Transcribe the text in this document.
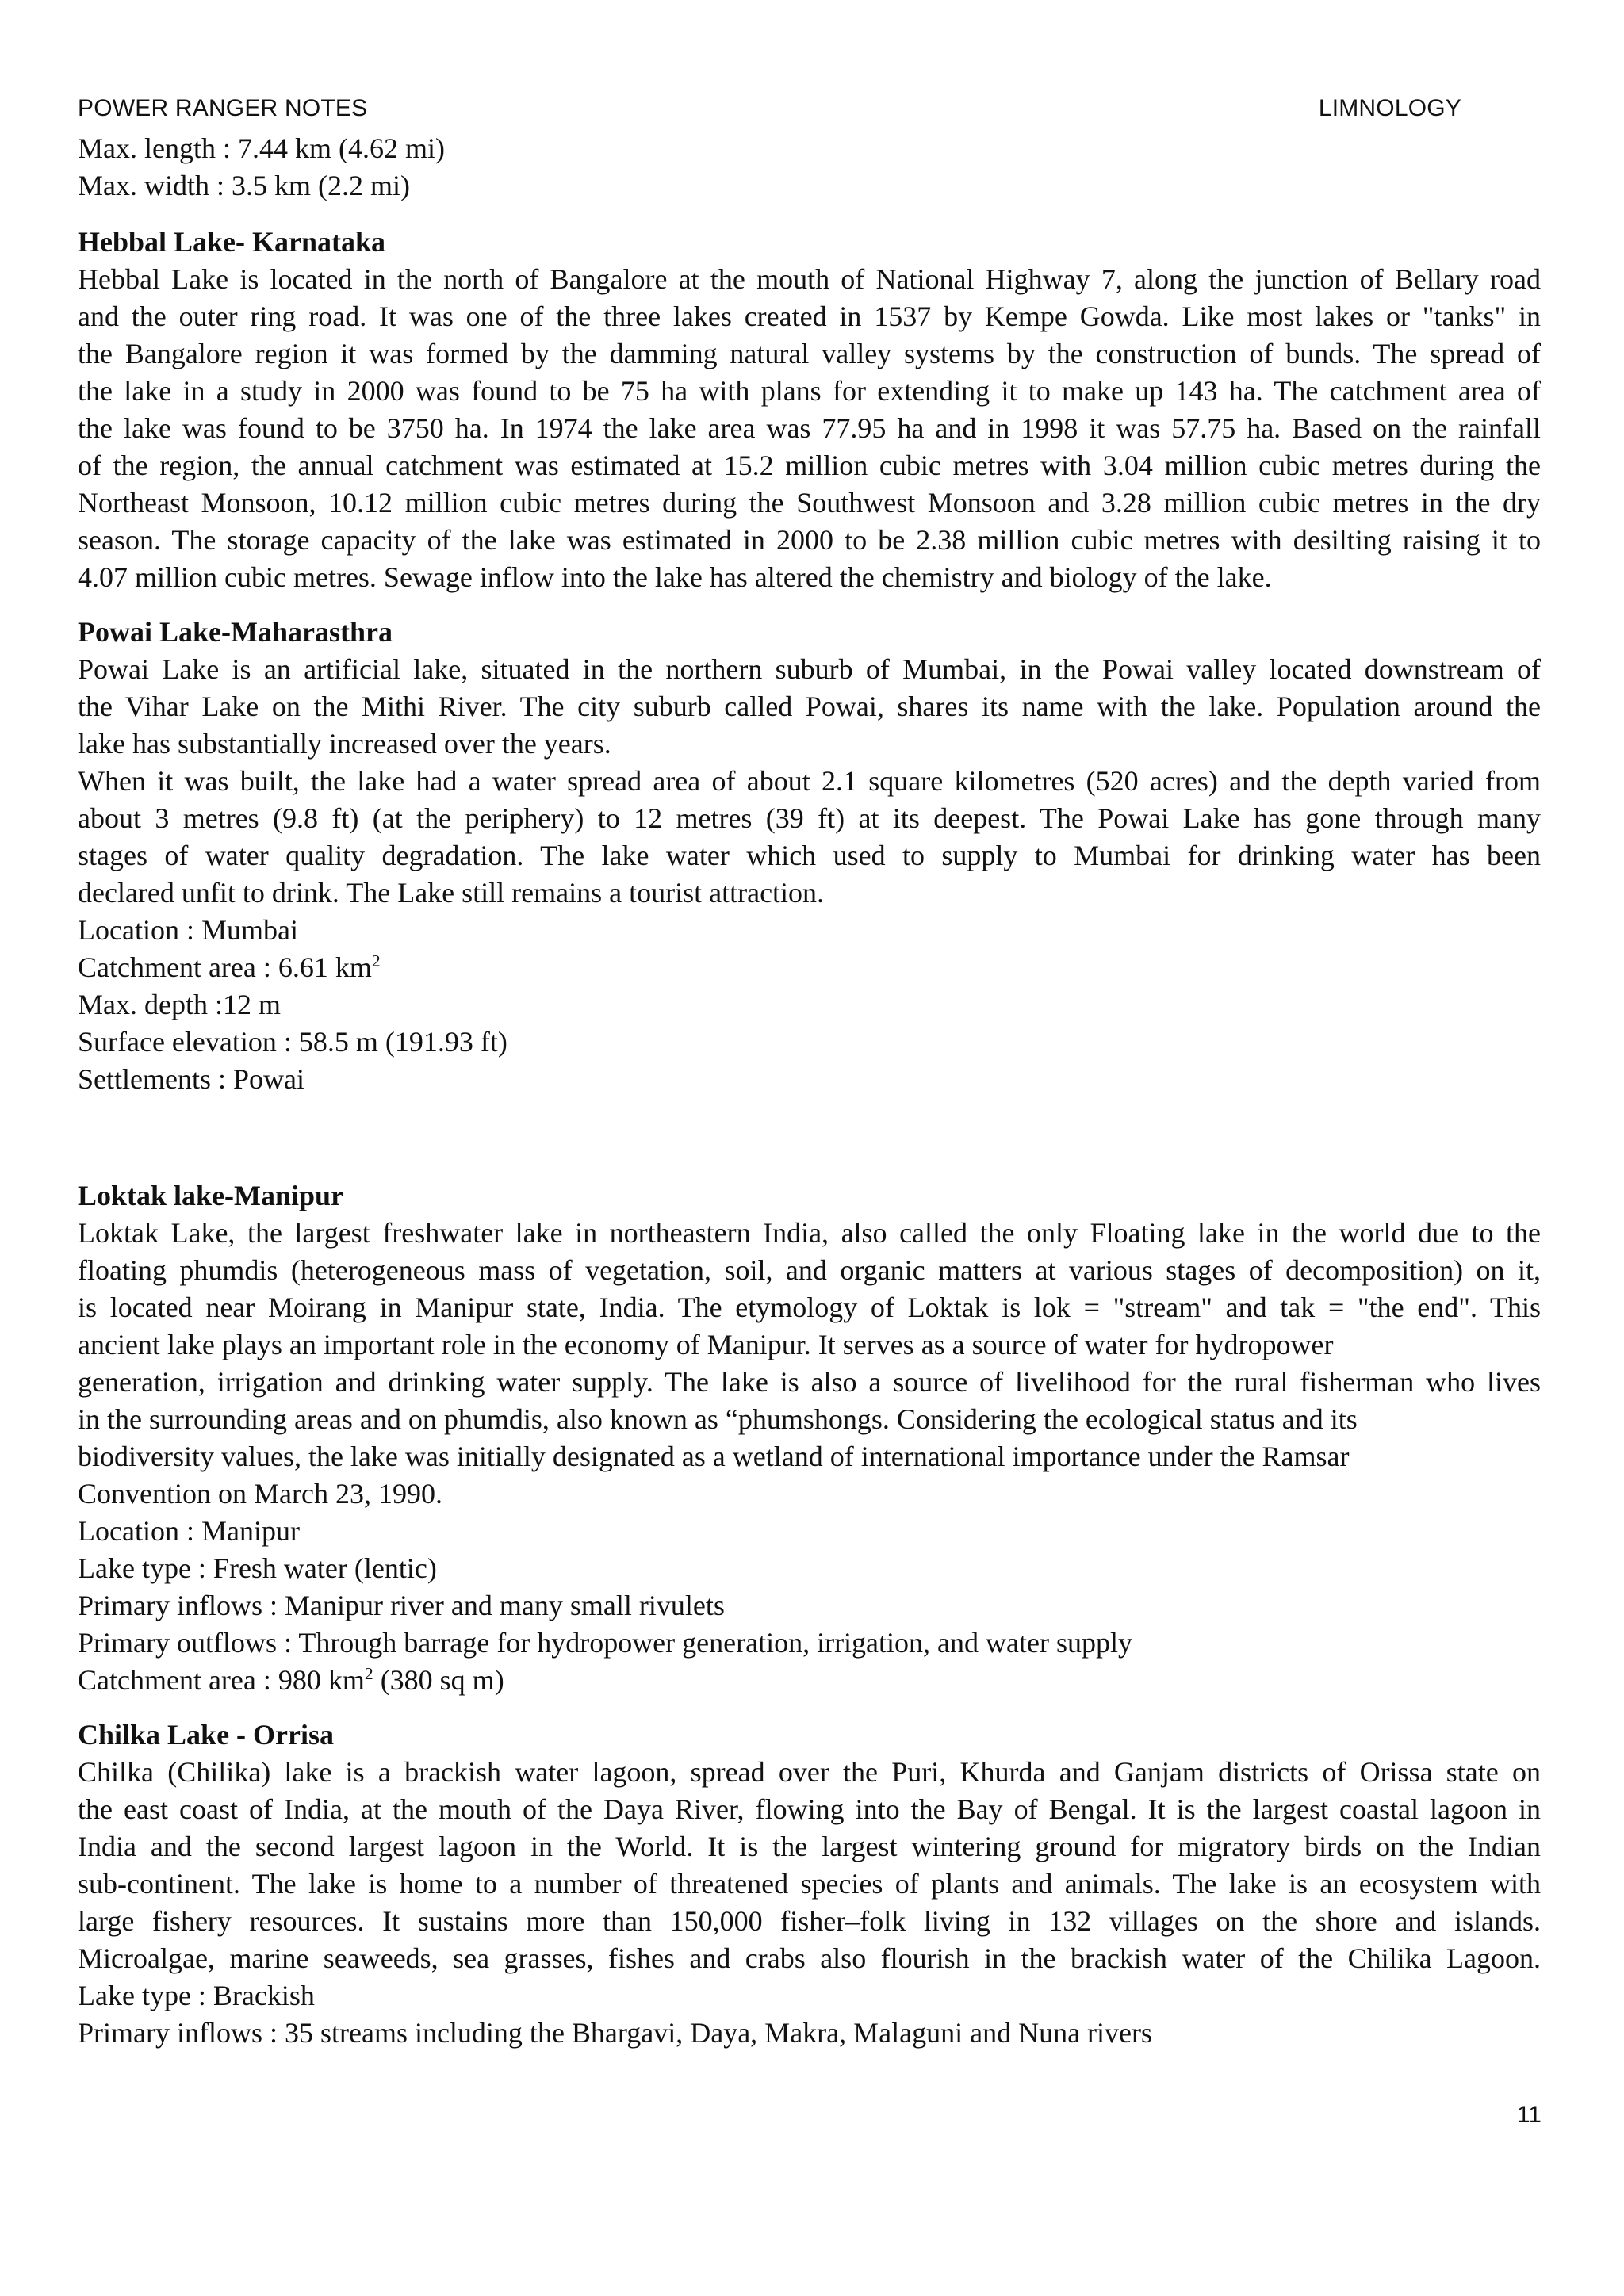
POWER RANGER NOTES	LIMNOLOGY
Max. length : 7.44 km (4.62 mi)
Max. width : 3.5 km (2.2 mi)
Hebbal Lake- Karnataka
Hebbal Lake is located in the north of Bangalore at the mouth of National Highway 7, along the junction of Bellary road
and the outer ring road. It was one of the three lakes created in 1537 by Kempe Gowda. Like most lakes or "tanks" in
the Bangalore region it was formed by the damming natural valley systems by the construction of bunds. The spread of
the lake in a study in 2000 was found to be 75 ha with plans for extending it to make up 143 ha. The catchment area of
the lake was found to be 3750 ha. In 1974 the lake area was 77.95 ha and in 1998 it was 57.75 ha. Based on the rainfall
of the region, the annual catchment was estimated at 15.2 million cubic metres with 3.04 million cubic metres during the
Northeast Monsoon, 10.12 million cubic metres during the Southwest Monsoon and 3.28 million cubic metres in the dry
season. The storage capacity of the lake was estimated in 2000 to be 2.38 million cubic metres with desilting raising it to
4.07 million cubic metres. Sewage inflow into the lake has altered the chemistry and biology of the lake.
Powai Lake-Maharasthra
Powai Lake is an artificial lake, situated in the northern suburb of Mumbai, in the Powai valley located downstream of
the Vihar Lake on the Mithi River. The city suburb called Powai, shares its name with the lake. Population around the
lake has substantially increased over the years.
When it was built, the lake had a water spread area of about 2.1 square kilometres (520 acres) and the depth varied from
about 3 metres (9.8 ft) (at the periphery) to 12 metres (39 ft) at its deepest. The Powai Lake has gone through many
stages of water quality degradation. The lake water which used to supply to Mumbai for drinking water has been
declared unfit to drink. The Lake still remains a tourist attraction.
Location : Mumbai
Catchment area : 6.61 $km^2$
Max. depth :12 m
Surface elevation : 58.5 m (191.93 ft)
Settlements : Powai
Loktak lake-Manipur
Loktak Lake, the largest freshwater lake in northeastern India, also called the only Floating lake in the world due to the
floating phumdis (heterogeneous mass of vegetation, soil, and organic matters at various stages of decomposition) on it,
is located near Moirang in Manipur state, India. The etymology of Loktak is lok = "stream" and tak = "the end". This
ancient lake plays an important role in the economy of Manipur. It serves as a source of water for hydropower
generation, irrigation and drinking water supply. The lake is also a source of livelihood for the rural fisherman who lives
in the surrounding areas and on phumdis, also known as “phumshongs. Considering the ecological status and its
biodiversity values, the lake was initially designated as a wetland of international importance under the Ramsar
Convention on March 23, 1990.
Location : Manipur
Lake type : Fresh water (lentic)
Primary inflows : Manipur river and many small rivulets
Primary outflows : Through barrage for hydropower generation, irrigation, and water supply
Catchment area : 980 $km^2$ (380 sq m)
Chilka Lake - Orrisa
Chilka (Chilika) lake is a brackish water lagoon, spread over the Puri, Khurda and Ganjam districts of Orissa state on
the east coast of India, at the mouth of the Daya River, flowing into the Bay of Bengal. It is the largest coastal lagoon in
India and the second largest lagoon in the World. It is the largest wintering ground for migratory birds on the Indian
sub-continent. The lake is home to a number of threatened species of plants and animals. The lake is an ecosystem with
large fishery resources. It sustains more than 150,000 fisher–folk living in 132 villages on the shore and islands.
Microalgae, marine seaweeds, sea grasses, fishes and crabs also flourish in the brackish water of the Chilika Lagoon.
Lake type : Brackish
Primary inflows : 35 streams including the Bhargavi, Daya, Makra, Malaguni and Nuna rivers
11
